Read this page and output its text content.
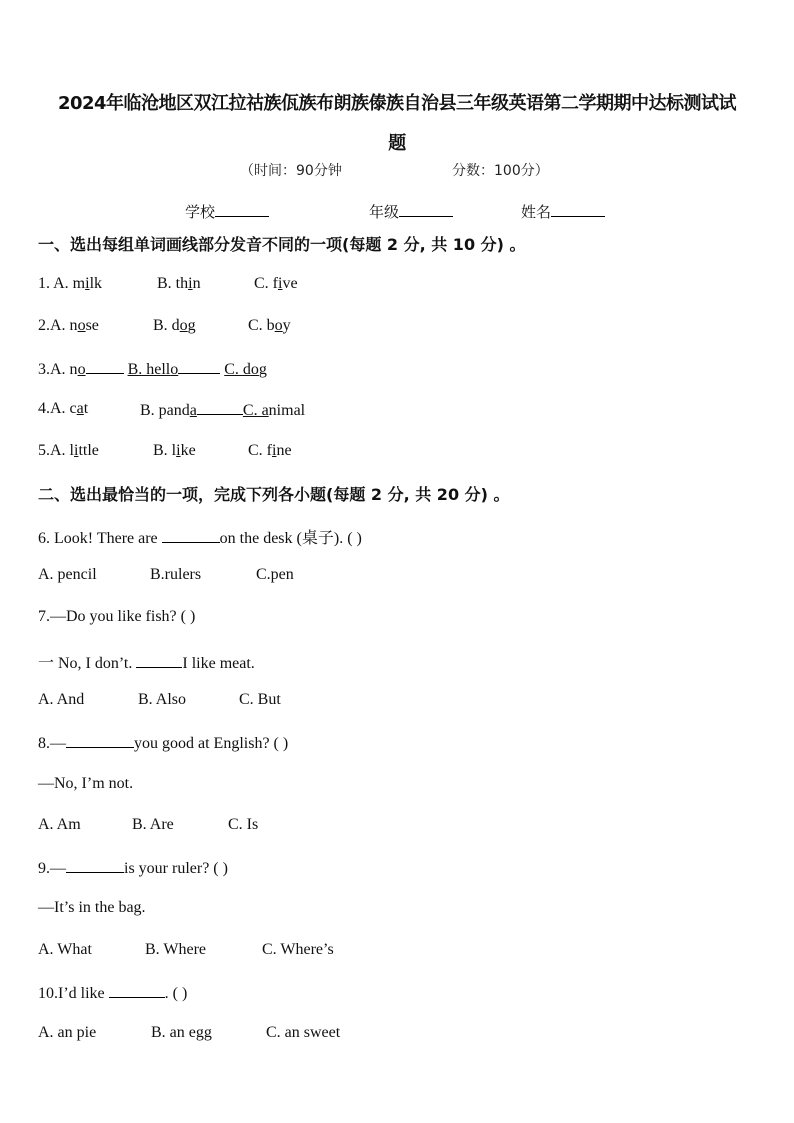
2024年临沧地区双江拉祜族佤族布朗族傣族自治县三年级英语第二学期期中达标测试试
题
（时间：90分钟	分数：100分）
学校	年级	姓名
一、选出每组单词画线部分发音不同的一项(每题 2 分, 共 10 分) 。
1. A. milk	B. thin	C. five
2.A. nose	B. dog	C. boy
3.A. no	B. hello	C. dog
4.A. cat	B. panda	C. animal
5.A. little	B. like	C. fine
二、选出最恰当的一项，完成下列各小题(每题 2 分, 共 20 分) 。
6. Look! There are	on the desk (桌子). ( )
A. pencil	B.rulers	C.pen
7.—Do you like fish? ( )
一 No, I don’t.	I like meat.
A. And	B. Also	C. But
8.—	you good at English? ( )
—No, I’m not.
A. Am	B. Are	C. Is
9.—	is your ruler? ( )
—It’s in the bag.
A. What	B. Where	C. Where’s
10.I’d like	. ( )
A. an pie	B. an egg	C. an sweet
